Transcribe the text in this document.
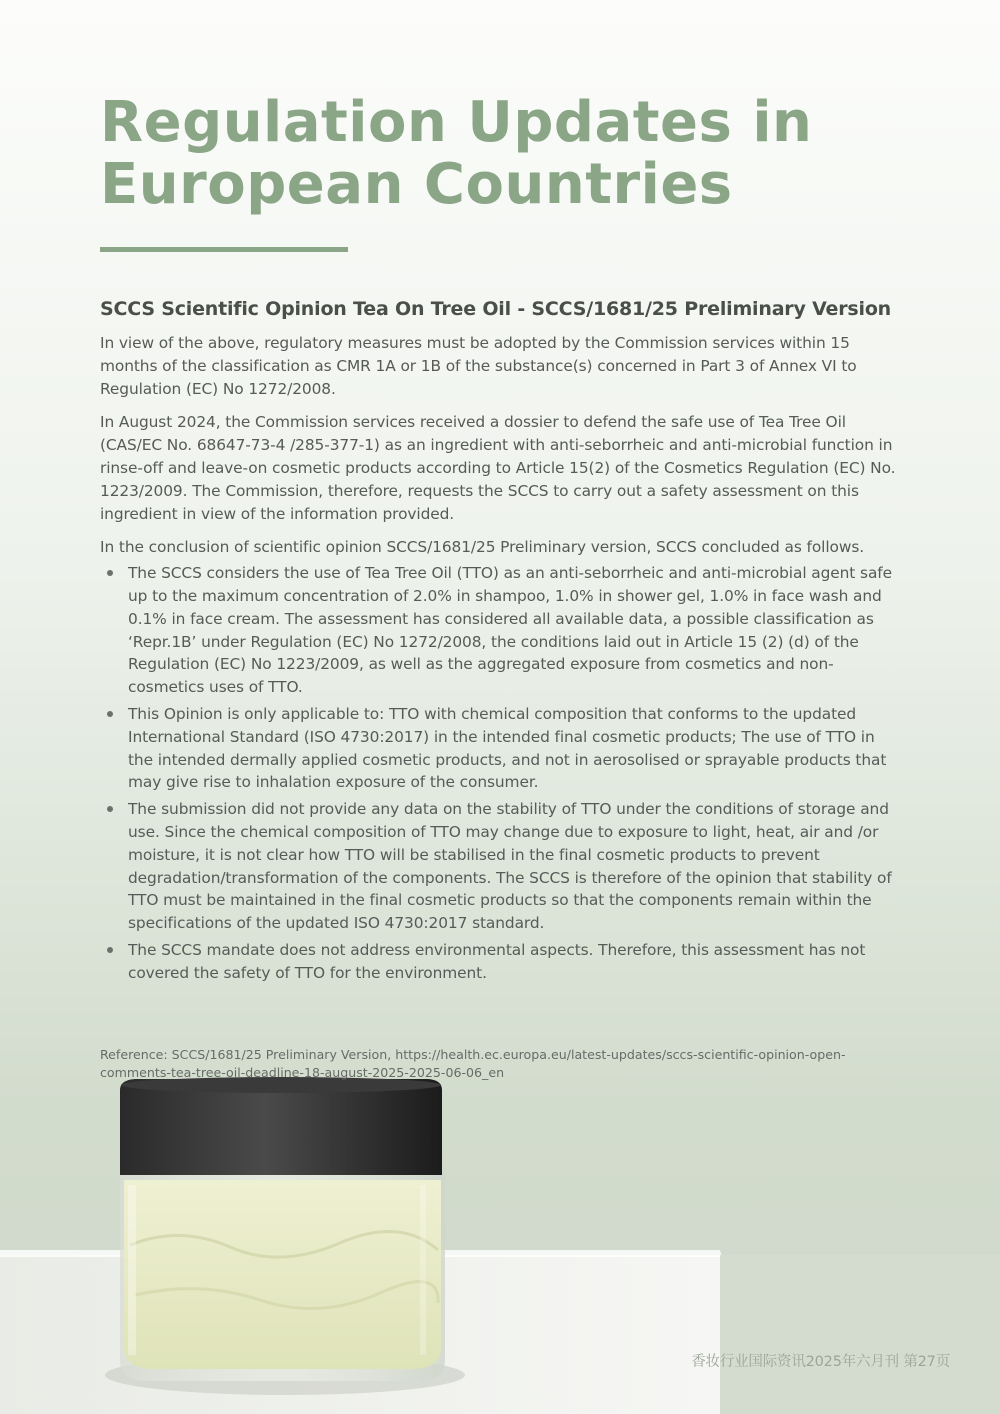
Regulation Updates in
European Countries
SCCS Scientific Opinion Tea On Tree Oil - SCCS/1681/25 Preliminary Version

In view of the above, regulatory measures must be adopted by the Commission services within 15 months of the classification as CMR 1A or 1B of the substance(s) concerned in Part 3 of Annex VI to Regulation (EC) No 1272/2008.

In August 2024, the Commission services received a dossier to defend the safe use of Tea Tree Oil (CAS/EC No. 68647-73-4 /285-377-1) as an ingredient with anti-seborrheic and anti-microbial function in rinse-off and leave-on cosmetic products according to Article 15(2) of the Cosmetics Regulation (EC) No. 1223/2009. The Commission, therefore, requests the SCCS to carry out a safety assessment on this ingredient in view of the information provided.

In the conclusion of scientific opinion SCCS/1681/25 Preliminary version, SCCS concluded as follows.

The SCCS considers the use of Tea Tree Oil (TTO) as an anti-seborrheic and anti-microbial agent safe up to the maximum concentration of 2.0% in shampoo, 1.0% in shower gel, 1.0% in face wash and 0.1% in face cream. The assessment has considered all available data, a possible classification as ‘Repr.1B’ under Regulation (EC) No 1272/2008, the conditions laid out in Article 15 (2) (d) of the Regulation (EC) No 1223/2009, as well as the aggregated exposure from cosmetics and non-cosmetics uses of TTO.
This Opinion is only applicable to: TTO with chemical composition that conforms to the updated International Standard (ISO 4730:2017) in the intended final cosmetic products; The use of TTO in the intended dermally applied cosmetic products, and not in aerosolised or sprayable products that may give rise to inhalation exposure of the consumer.
The submission did not provide any data on the stability of TTO under the conditions of storage and use. Since the chemical composition of TTO may change due to exposure to light, heat, air and /or moisture, it is not clear how TTO will be stabilised in the final cosmetic products to prevent degradation/transformation of the components. The SCCS is therefore of the opinion that stability of TTO must be maintained in the final cosmetic products so that the components remain within the specifications of the updated ISO 4730:2017 standard.
The SCCS mandate does not address environmental aspects. Therefore, this assessment has not covered the safety of TTO for the environment.
Reference: SCCS/1681/25 Preliminary Version, https://health.ec.europa.eu/latest-updates/sccs-scientific-opinion-open-
comments-tea-tree-oil-deadline-18-august-2025-2025-06-06_en
香妆行业国际资讯2025年六月刊 第27页
